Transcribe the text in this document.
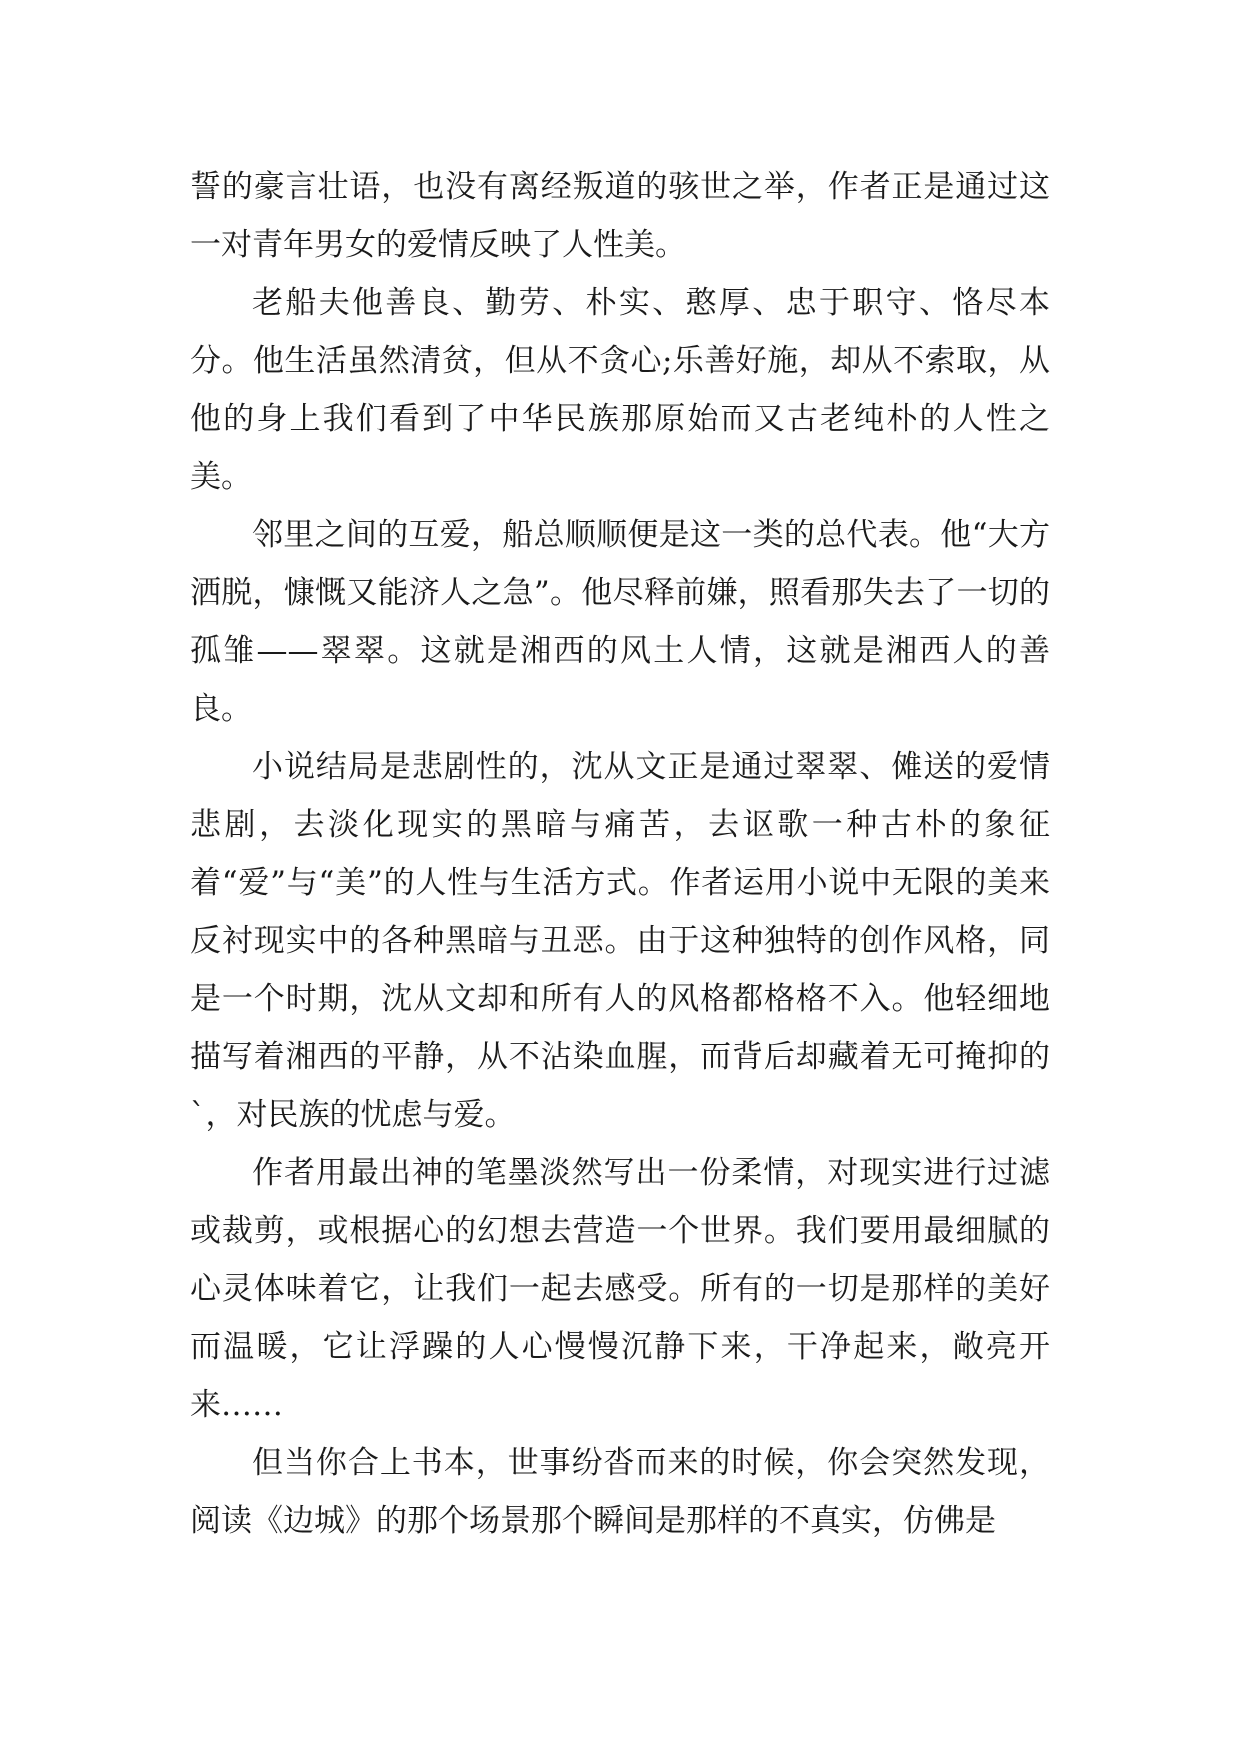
誓的豪言壮语，也没有离经叛道的骇世之举，作者正是通过这一对青年男女的爱情反映了人性美。

老船夫他善良、勤劳、朴实、憨厚、忠于职守、恪尽本分。他生活虽然清贫，但从不贪心;乐善好施，却从不索取，从他的身上我们看到了中华民族那原始而又古老纯朴的人性之美。

邻里之间的互爱，船总顺顺便是这一类的总代表。他“大方洒脱，慷慨又能济人之急”。他尽释前嫌，照看那失去了一切的孤雏——翠翠。这就是湘西的风土人情，这就是湘西人的善良。

小说结局是悲剧性的，沈从文正是通过翠翠、傩送的爱情悲剧，去淡化现实的黑暗与痛苦，去讴歌一种古朴的象征着“爱”与“美”的人性与生活方式。作者运用小说中无限的美来反衬现实中的各种黑暗与丑恶。由于这种独特的创作风格，同是一个时期，沈从文却和所有人的风格都格格不入。他轻细地描写着湘西的平静，从不沾染血腥，而背后却藏着无可掩抑的`，对民族的忧虑与爱。

作者用最出神的笔墨淡然写出一份柔情，对现实进行过滤或裁剪，或根据心的幻想去营造一个世界。我们要用最细腻的心灵体味着它，让我们一起去感受。所有的一切是那样的美好而温暖，它让浮躁的人心慢慢沉静下来，干净起来，敞亮开来……

但当你合上书本，世事纷沓而来的时候，你会突然发现，阅读《边城》的那个场景那个瞬间是那样的不真实，仿佛是
